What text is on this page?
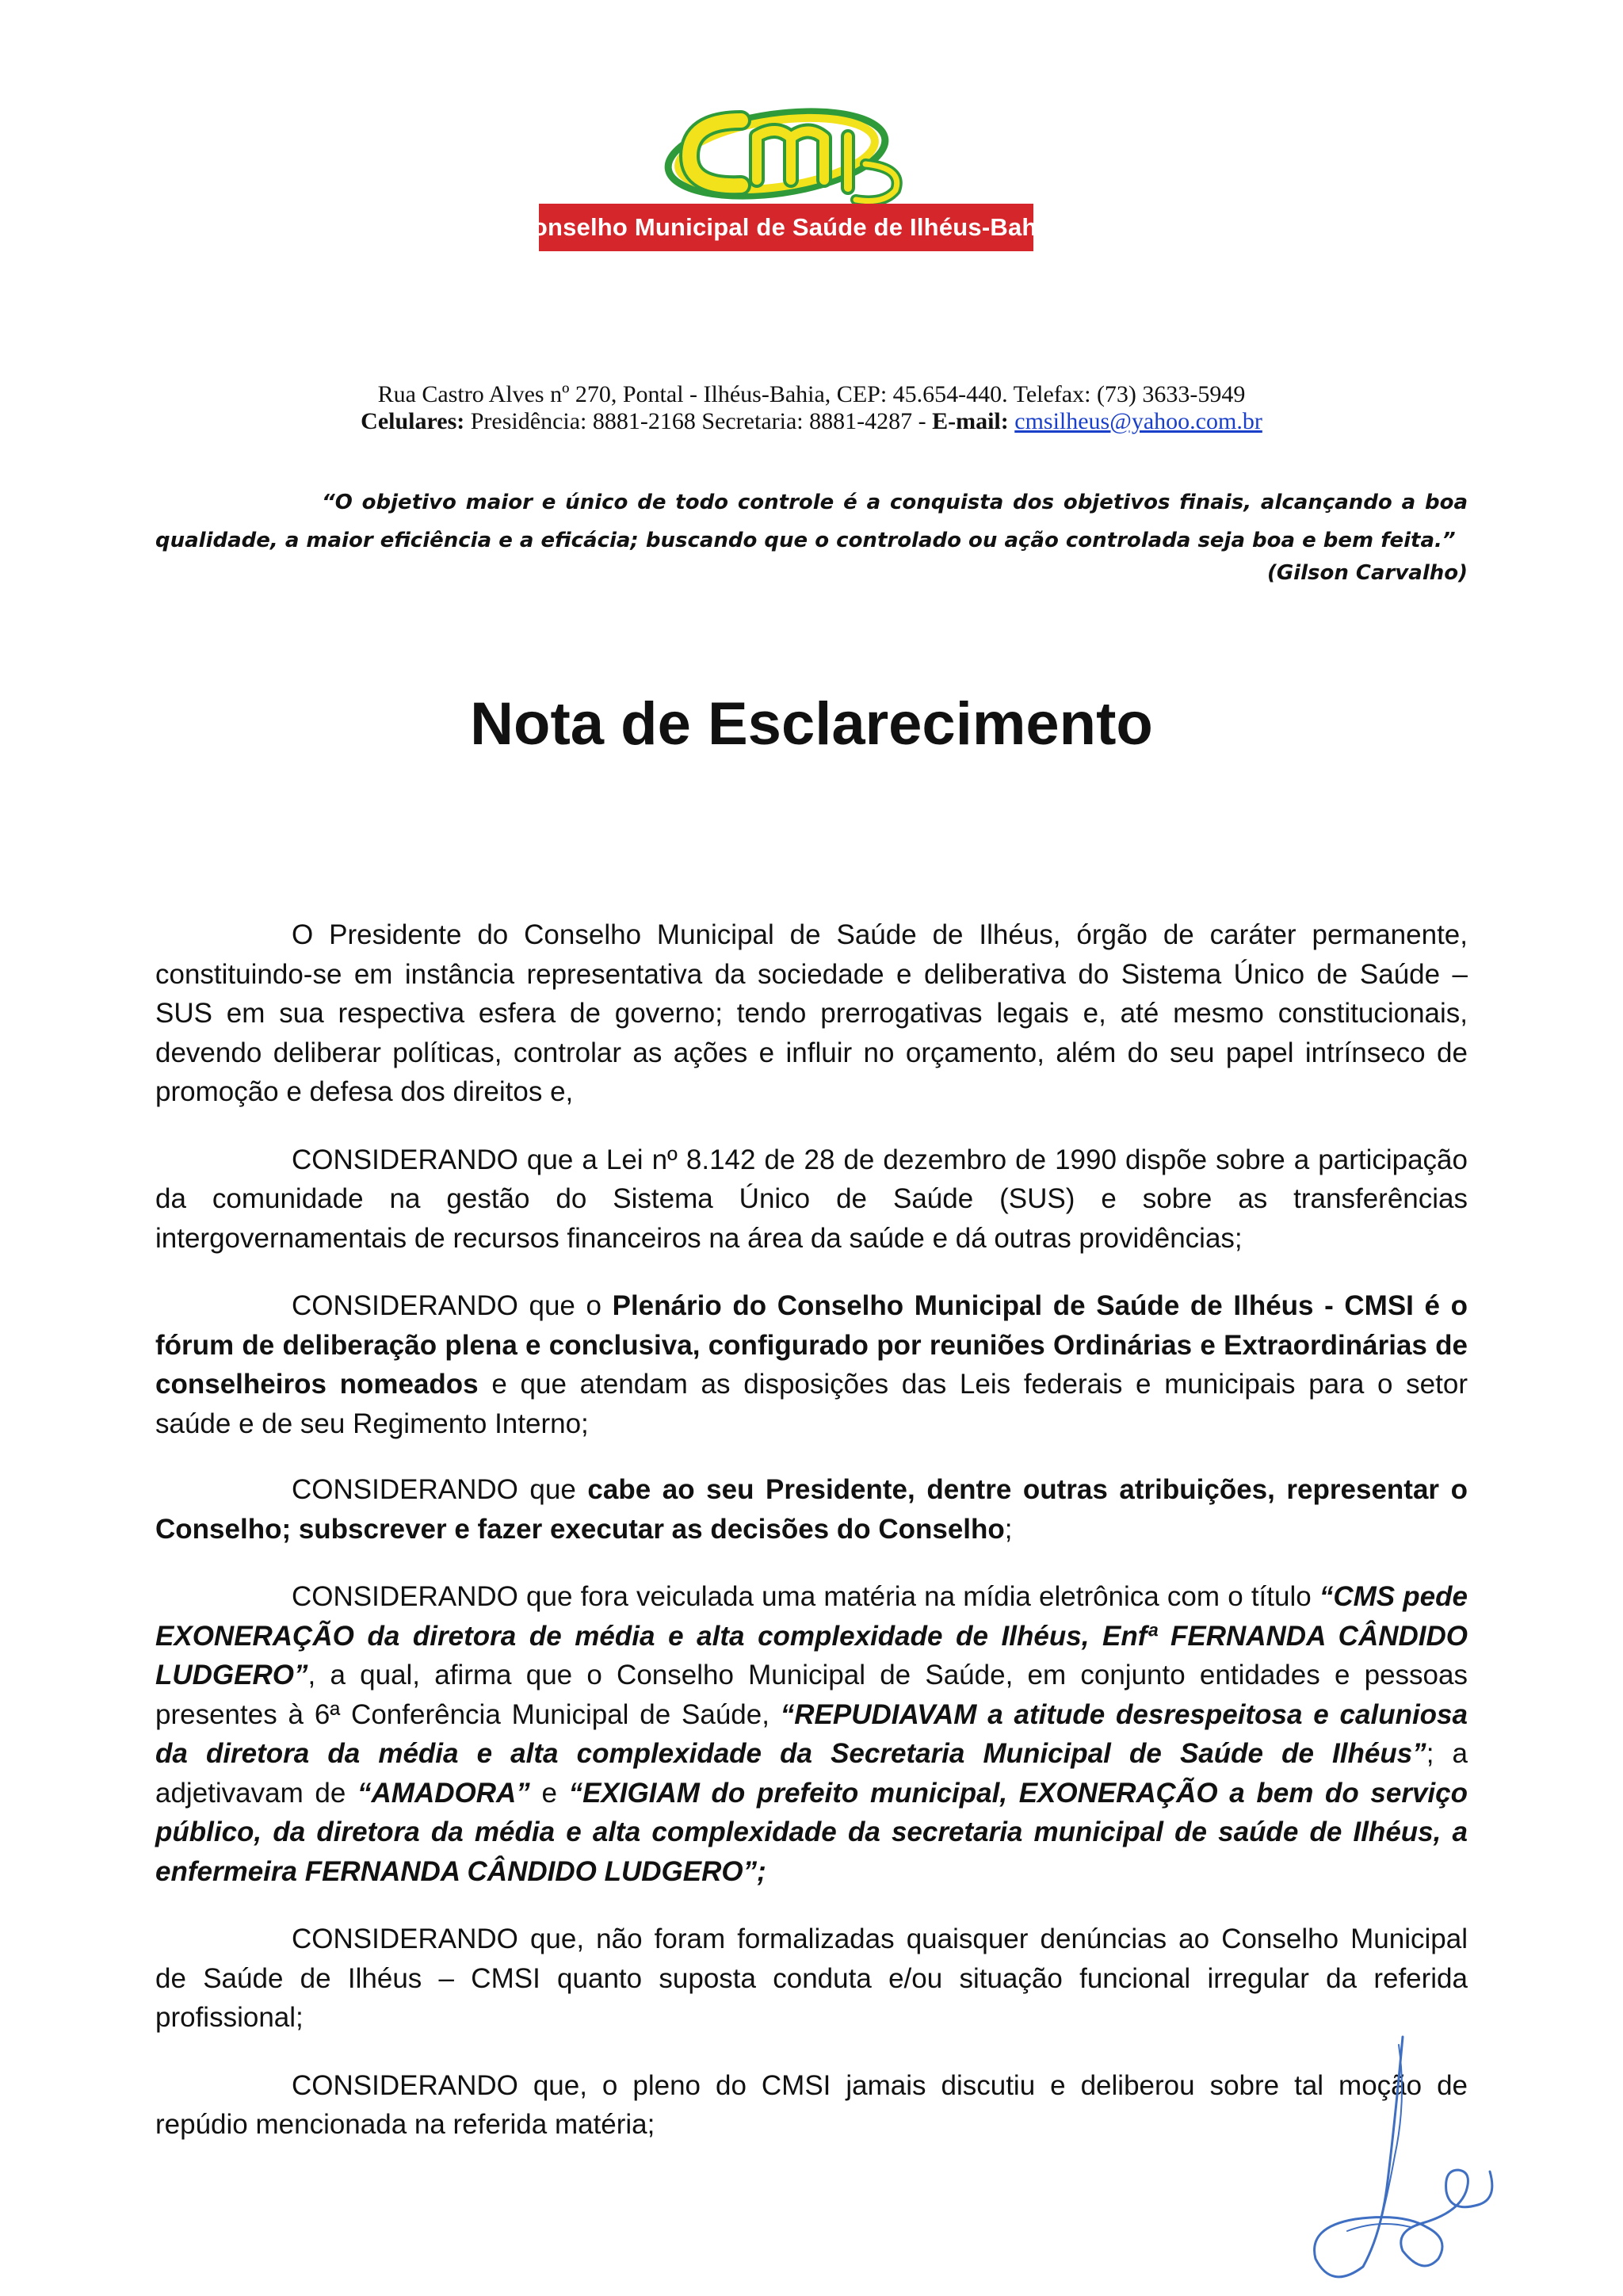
Conselho Municipal de Saúde de Ilhéus-Bahia
Rua Castro Alves nº 270, Pontal - Ilhéus-Bahia, CEP: 45.654-440. Telefax: (73) 3633-5949
Celulares: Presidência: 8881-2168 Secretaria: 8881-4287 - E-mail: cmsilheus@yahoo.com.br
“O objetivo maior e único de todo controle é a conquista dos objetivos finais, alcançando a boa qualidade, a maior eficiência e a eficácia; buscando que o controlado ou ação controlada seja boa e bem feita.”
(Gilson Carvalho)
Nota de Esclarecimento

O Presidente do Conselho Municipal de Saúde de Ilhéus, órgão de caráter permanente, constituindo-se em instância representativa da sociedade e deliberativa do Sistema Único de Saúde – SUS em sua respectiva esfera de governo; tendo prerrogativas legais e, até mesmo constitucionais, devendo deliberar políticas, controlar as ações e influir no orçamento, além do seu papel intrínseco de promoção e defesa dos direitos e,

CONSIDERANDO que a Lei nº 8.142 de 28 de dezembro de 1990 dispõe sobre a participação da comunidade na gestão do Sistema Único de Saúde (SUS) e sobre as transferências intergovernamentais de recursos financeiros na área da saúde e dá outras providências;

CONSIDERANDO que o Plenário do Conselho Municipal de Saúde de Ilhéus - CMSI é o fórum de deliberação plena e conclusiva, configurado por reuniões Ordinárias e Extraordinárias de conselheiros nomeados e que atendam as disposições das Leis federais e municipais para o setor saúde e de seu Regimento Interno;

CONSIDERANDO que cabe ao seu Presidente, dentre outras atribuições, representar o Conselho; subscrever e fazer executar as decisões do Conselho;

CONSIDERANDO que fora veiculada uma matéria na mídia eletrônica com o título “CMS pede EXONERAÇÃO da diretora de média e alta complexidade de Ilhéus, Enfª FERNANDA CÂNDIDO LUDGERO”, a qual, afirma que o Conselho Municipal de Saúde, em conjunto entidades e pessoas presentes à 6ª Conferência Municipal de Saúde, “REPUDIAVAM a atitude desrespeitosa e caluniosa da diretora da média e alta complexidade da Secretaria Municipal de Saúde de Ilhéus”; a adjetivavam de “AMADORA” e “EXIGIAM do prefeito municipal, EXONERAÇÃO a bem do serviço público, da diretora da média e alta complexidade da secretaria municipal de saúde de Ilhéus, a enfermeira FERNANDA CÂNDIDO LUDGERO”;

CONSIDERANDO que, não foram formalizadas quaisquer denúncias ao Conselho Municipal de Saúde de Ilhéus – CMSI quanto suposta conduta e/ou situação funcional irregular da referida profissional;

CONSIDERANDO que, o pleno do CMSI jamais discutiu e deliberou sobre tal moção de repúdio mencionada na referida matéria;
